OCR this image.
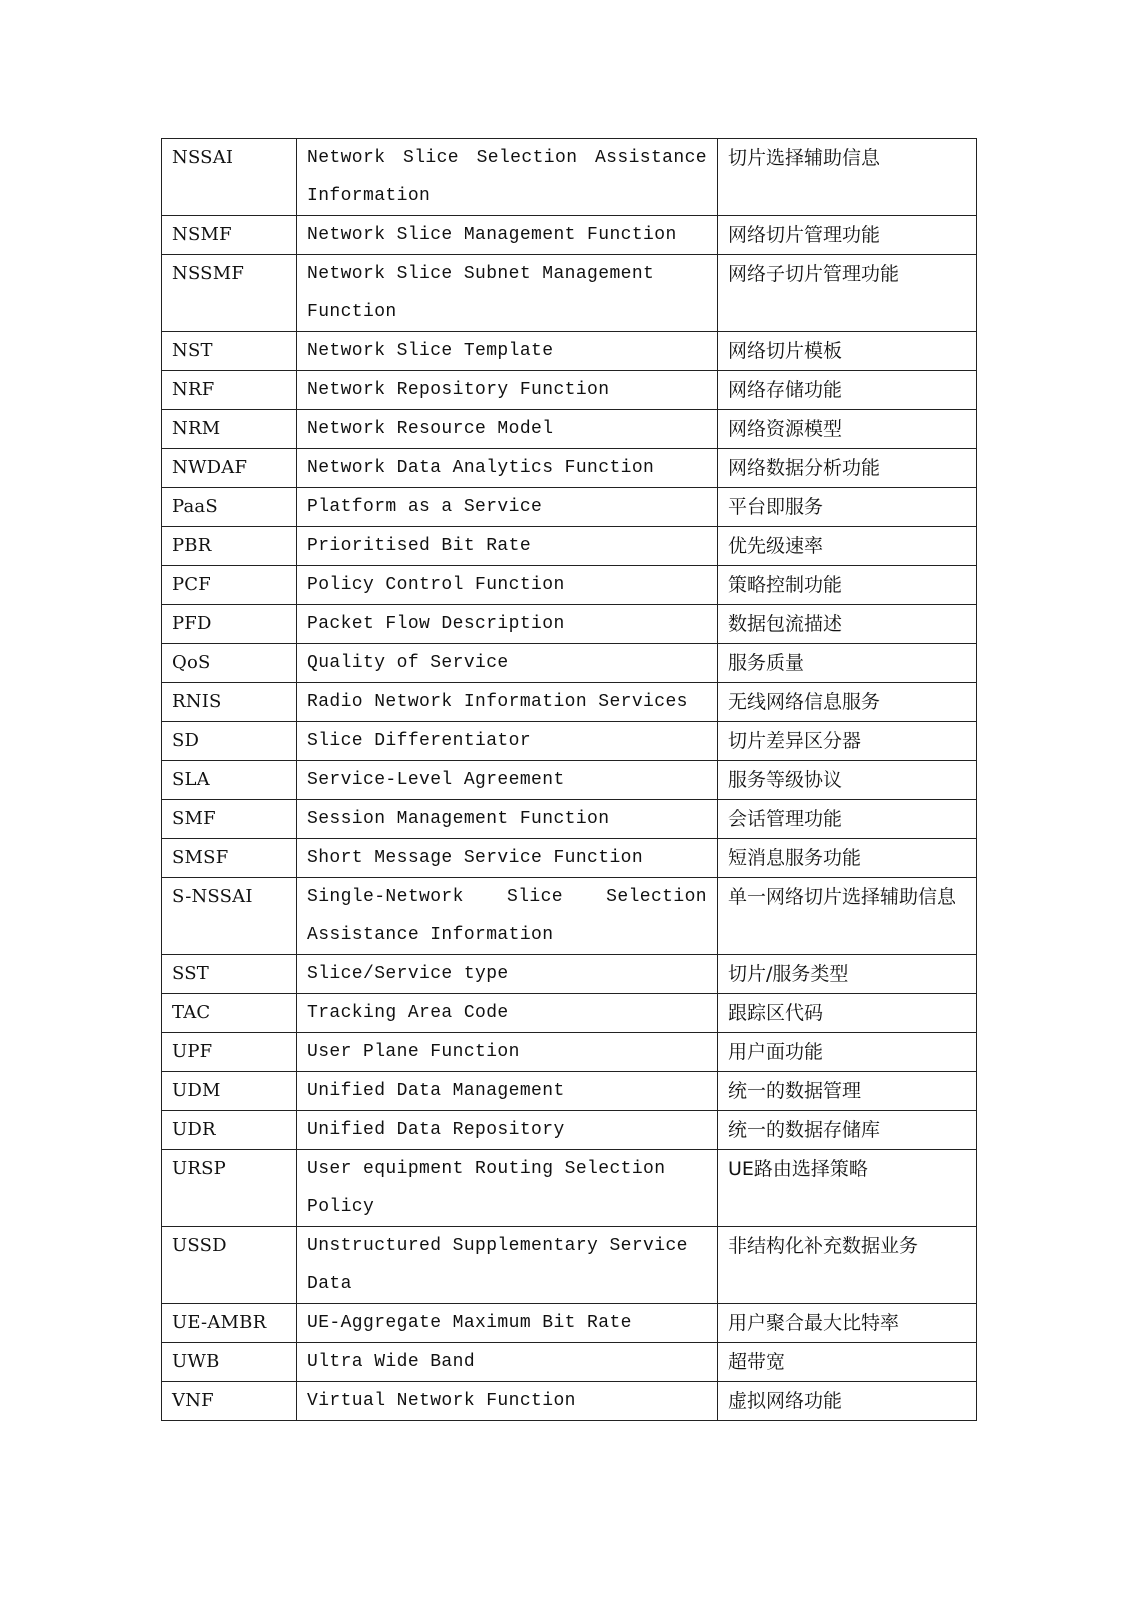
NSSAI	Network Slice Selection Assistance Information	切片选择辅助信息
NSMF	Network Slice Management Function	网络切片管理功能
NSSMF	Network Slice Subnet Management Function	网络子切片管理功能
NST	Network Slice Template	网络切片模板
NRF	Network Repository Function	网络存储功能
NRM	Network Resource Model	网络资源模型
NWDAF	Network Data Analytics Function	网络数据分析功能
PaaS	Platform as a Service	平台即服务
PBR	Prioritised Bit Rate	优先级速率
PCF	Policy Control Function	策略控制功能
PFD	Packet Flow Description	数据包流描述
QoS	Quality of Service	服务质量
RNIS	Radio Network Information Services	无线网络信息服务
SD	Slice Differentiator	切片差异区分器
SLA	Service-Level Agreement	服务等级协议
SMF	Session Management Function	会话管理功能
SMSF	Short Message Service Function	短消息服务功能
S-NSSAI	Single-Network Slice Selection Assistance Information	单一网络切片选择辅助信息
SST	Slice/Service type	切片/服务类型
TAC	Tracking Area Code	跟踪区代码
UPF	User Plane Function	用户面功能
UDM	Unified Data Management	统一的数据管理
UDR	Unified Data Repository	统一的数据存储库
URSP	User equipment Routing Selection Policy	UE路由选择策略
USSD	Unstructured Supplementary Service Data	非结构化补充数据业务
UE-AMBR	UE-Aggregate Maximum Bit Rate	用户聚合最大比特率
UWB	Ultra Wide Band	超带宽
VNF	Virtual Network Function	虚拟网络功能
